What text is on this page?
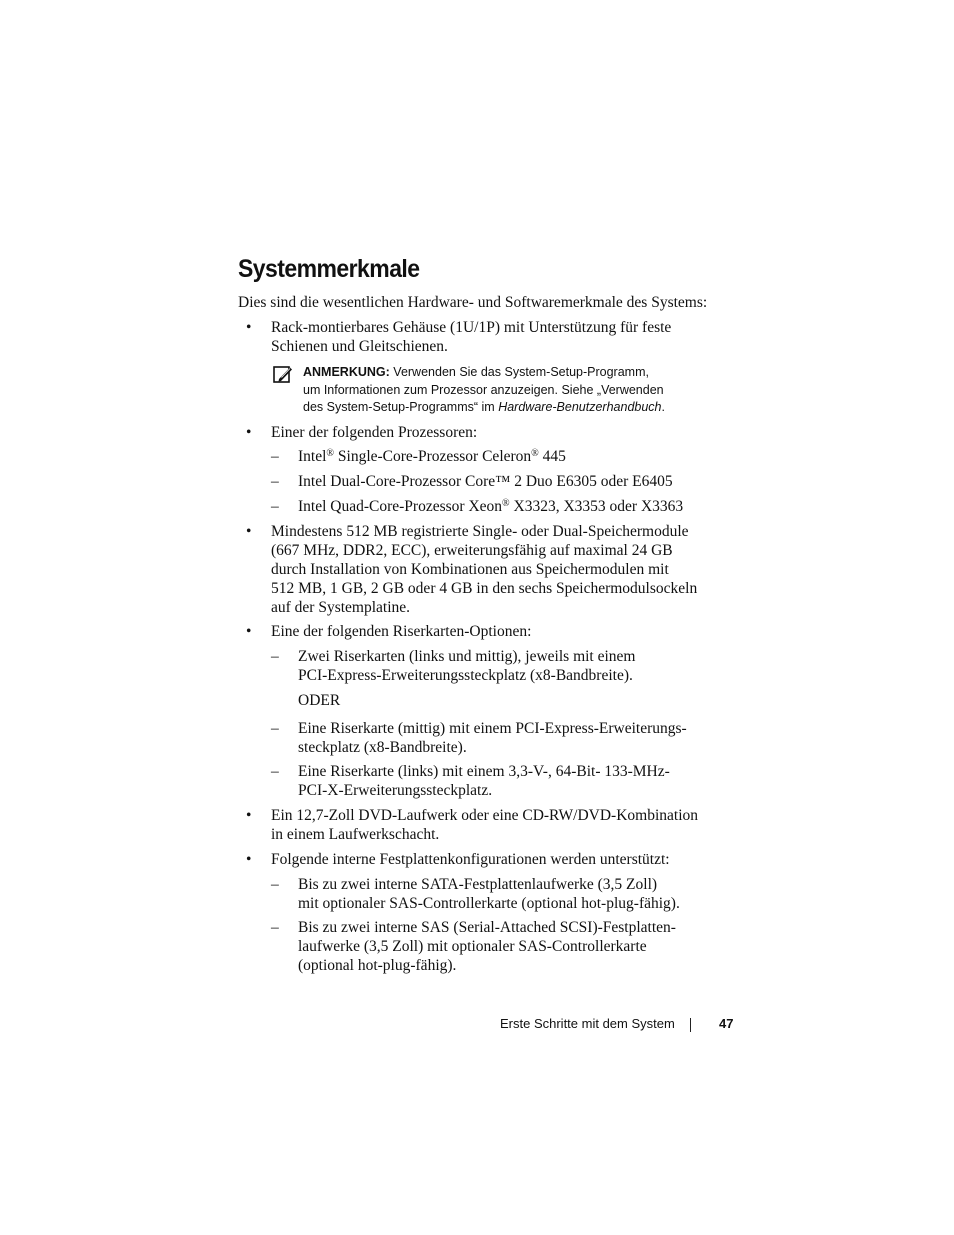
Systemmerkmale
Dies sind die wesentlichen Hardware- und Softwaremerkmale des Systems:
• Rack-montierbares Gehäuse (1U/1P) mit Unterstützung für feste
Schienen und Gleitschienen.
ANMERKUNG: Verwenden Sie das System-Setup-Programm,
um Informationen zum Prozessor anzuzeigen. Siehe „Verwenden
des System-Setup-Programms“ im Hardware-Benutzerhandbuch.
• Einer der folgenden Prozessoren:
– Intel® Single-Core-Prozessor Celeron® 445
– Intel Dual-Core-Prozessor Core™ 2 Duo E6305 oder E6405
– Intel Quad-Core-Prozessor Xeon® X3323, X3353 oder X3363
• Mindestens 512 MB registrierte Single- oder Dual-Speichermodule
(667 MHz, DDR2, ECC), erweiterungsfähig auf maximal 24 GB
durch Installation von Kombinationen aus Speichermodulen mit
512 MB, 1 GB, 2 GB oder 4 GB in den sechs Speichermodulsockeln
auf der Systemplatine.
• Eine der folgenden Riserkarten-Optionen:
– Zwei Riserkarten (links und mittig), jeweils mit einem
PCI-Express-Erweiterungssteckplatz (x8-Bandbreite).
ODER
– Eine Riserkarte (mittig) mit einem PCI-Express-Erweiterungs-
steckplatz (x8-Bandbreite).
– Eine Riserkarte (links) mit einem 3,3-V-, 64-Bit- 133-MHz-
PCI-X-Erweiterungssteckplatz.
• Ein 12,7-Zoll DVD-Laufwerk oder eine CD-RW/DVD-Kombination
in einem Laufwerkschacht.
• Folgende interne Festplattenkonfigurationen werden unterstützt:
– Bis zu zwei interne SATA-Festplattenlaufwerke (3,5 Zoll)
mit optionaler SAS-Controllerkarte (optional hot-plug-fähig).
– Bis zu zwei interne SAS (Serial-Attached SCSI)-Festplatten-
laufwerke (3,5 Zoll) mit optionaler SAS-Controllerkarte
(optional hot-plug-fähig).
Erste Schritte mit dem System	47
